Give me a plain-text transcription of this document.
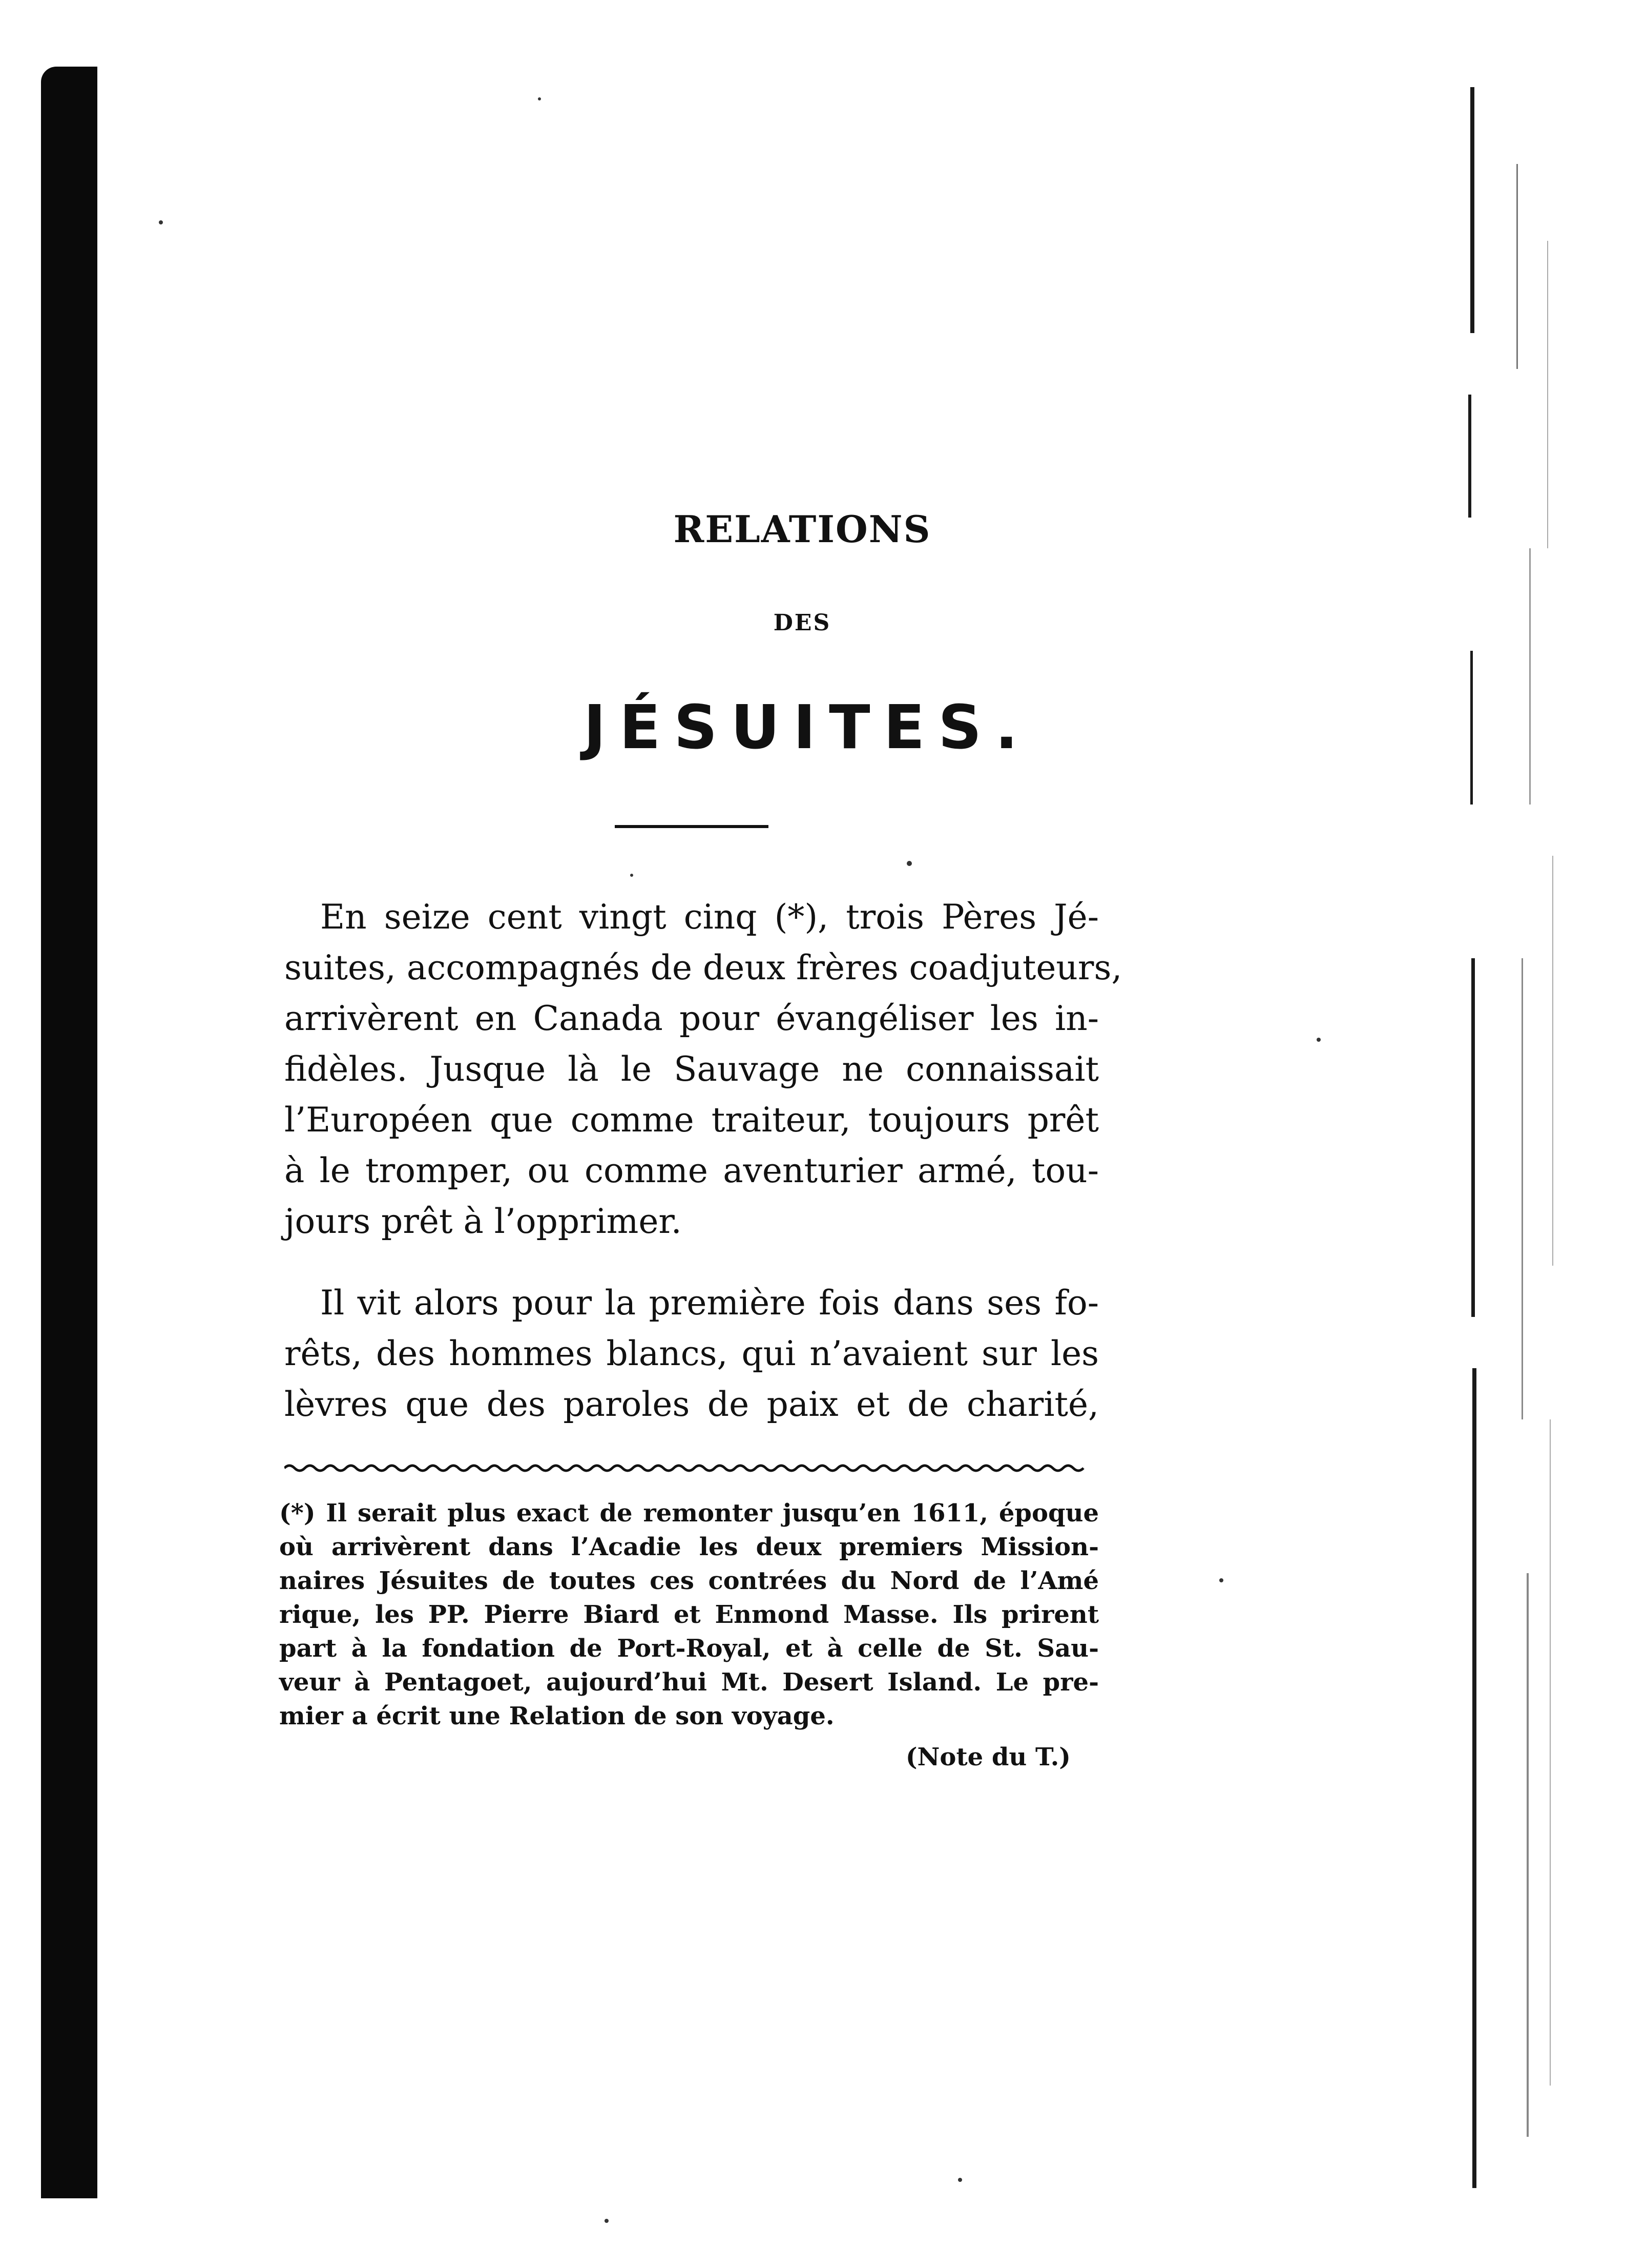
RELATIONS
DES
JÉSUITES.

En seize cent vingt cinq (*), trois Pères Jé-
suites, accompagnés de deux frères coadjuteurs,
arrivèrent en Canada pour évangéliser les in-
fidèles. Jusque là le Sauvage ne connaissait
l’Européen que comme traiteur, toujours prêt
à le tromper, ou comme aventurier armé, tou-
jours prêt à l’opprimer.

Il vit alors pour la première fois dans ses fo-
rêts, des hommes blancs, qui n’avaient sur les
lèvres que des paroles de paix et de charité,

(*) Il serait plus exact de remonter jusqu’en 1611, époque
où arrivèrent dans l’Acadie les deux premiers Mission-
naires Jésuites de toutes ces contrées du Nord de l’Amé
rique, les PP. Pierre Biard et Enmond Masse. Ils prirent
part à la fondation de Port-Royal, et à celle de St. Sau-
veur à Pentagoet, aujourd’hui Mt. Desert Island. Le pre-
mier a écrit une Relation de son voyage.
(Note du T.)
